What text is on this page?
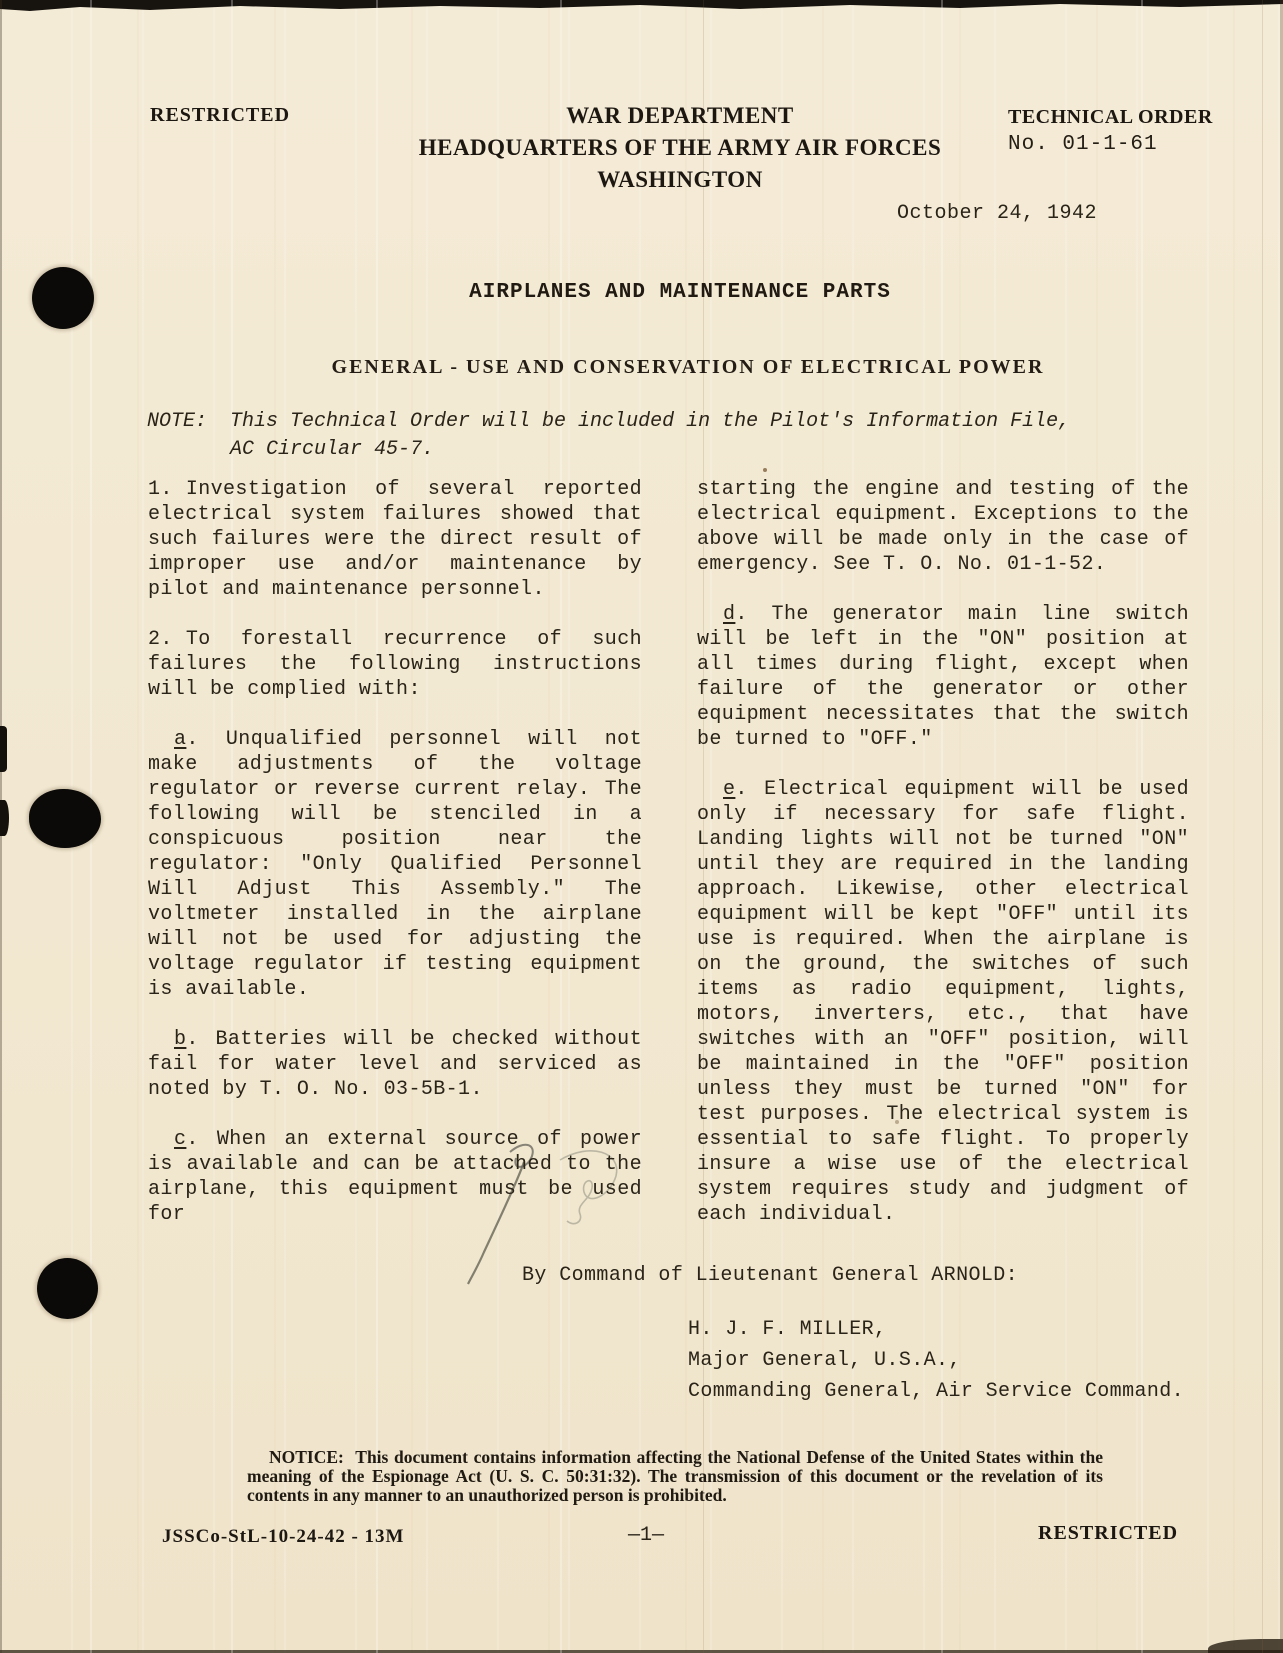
RESTRICTED	WAR DEPARTMENT
HEADQUARTERS OF THE ARMY AIR FORCES
WASHINGTON
TECHNICAL ORDER
No. 01-1-61
October 24, 1942
AIRPLANES AND MAINTENANCE PARTS
GENERAL - USE AND CONSERVATION OF ELECTRICAL POWER
NOTE: This Technical Order will be included in the Pilot's Information File, AC Circular 45-7.

1. Investigation of several reported electrical system failures showed that such failures were the direct result of improper use and/or maintenance by pilot and maintenance personnel.

2. To forestall recurrence of such failures the following instructions will be complied with:

a. Unqualified personnel will not make adjustments of the voltage regulator or reverse current relay. The following will be stenciled in a conspicuous position near the regulator: "Only Qualified Personnel Will Adjust This Assembly." The voltmeter installed in the airplane will not be used for adjusting the voltage regulator if testing equipment is available.

b. Batteries will be checked without fail for water level and serviced as noted by T. O. No. 03-5B-1.

c. When an external source of power is available and can be attached to the airplane, this equipment must be used for

starting the engine and testing of the electrical equipment. Exceptions to the above will be made only in the case of emergency. See T. O. No. 01-1-52.

d. The generator main line switch will be left in the "ON" position at all times during flight, except when failure of the generator or other equipment necessitates that the switch be turned to "OFF."

e. Electrical equipment will be used only if necessary for safe flight. Landing lights will not be turned "ON" until they are required in the landing approach. Likewise, other electrical equipment will be kept "OFF" until its use is required. When the airplane is on the ground, the switches of such items as radio equipment, lights, motors, inverters, etc., that have switches with an "OFF" position, will be maintained in the "OFF" position unless they must be turned "ON" for test purposes. The electrical system is essential to safe flight. To properly insure a wise use of the electrical system requires study and judgment of each individual.

By Command of Lieutenant General ARNOLD:
H. J. F. MILLER,
Major General, U.S.A.,
Commanding General, Air Service Command.
NOTICE: This document contains information affecting the National Defense of the United States within the meaning of the Espionage Act (U. S. C. 50:31:32). The transmission of this document or the revelation of its contents in any manner to an unauthorized person is prohibited.
JSSCo-StL-10-24-42 - 13M	—1—	RESTRICTED
